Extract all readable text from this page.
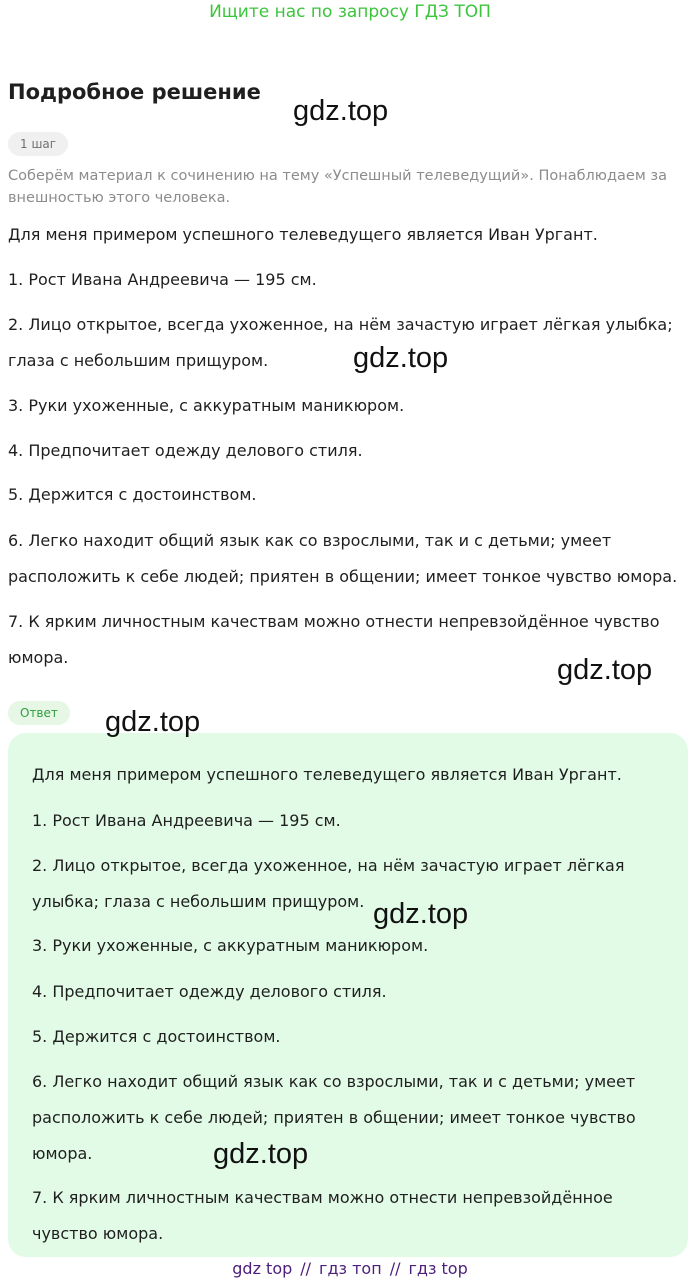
Ищите нас по запросу ГДЗ ТОП
Подробное решение
1 шаг

Соберём материал к сочинению на тему «Успешный телеведущий». Понаблюдаем за внешностью этого человека.

Для меня примером успешного телеведущего является Иван Ургант.

1. Рост Ивана Андреевича — 195 см.

2. Лицо открытое, всегда ухоженное, на нём зачастую играет лёгкая улыбка; глаза с небольшим прищуром.

3. Руки ухоженные, с аккуратным маникюром.

4. Предпочитает одежду делового стиля.

5. Держится с достоинством.

6. Легко находит общий язык как со взрослыми, так и с детьми; умеет расположить к себе людей; приятен в общении; имеет тонкое чувство юмора.

7. К ярким личностным качествам можно отнести непревзойдённое чувство юмора.

Ответ

Для меня примером успешного телеведущего является Иван Ургант.

1. Рост Ивана Андреевича — 195 см.

2. Лицо открытое, всегда ухоженное, на нём зачастую играет лёгкая улыбка; глаза с небольшим прищуром.

3. Руки ухоженные, с аккуратным маникюром.

4. Предпочитает одежду делового стиля.

5. Держится с достоинством.

6. Легко находит общий язык как со взрослыми, так и с детьми; умеет расположить к себе людей; приятен в общении; имеет тонкое чувство юмора.

7. К ярким личностным качествам можно отнести непревзойдённое чувство юмора.

gdz.top
gdz.top
gdz.top
gdz.top
gdz.top
gdz.top
gdz top // гдз топ // гдз top
